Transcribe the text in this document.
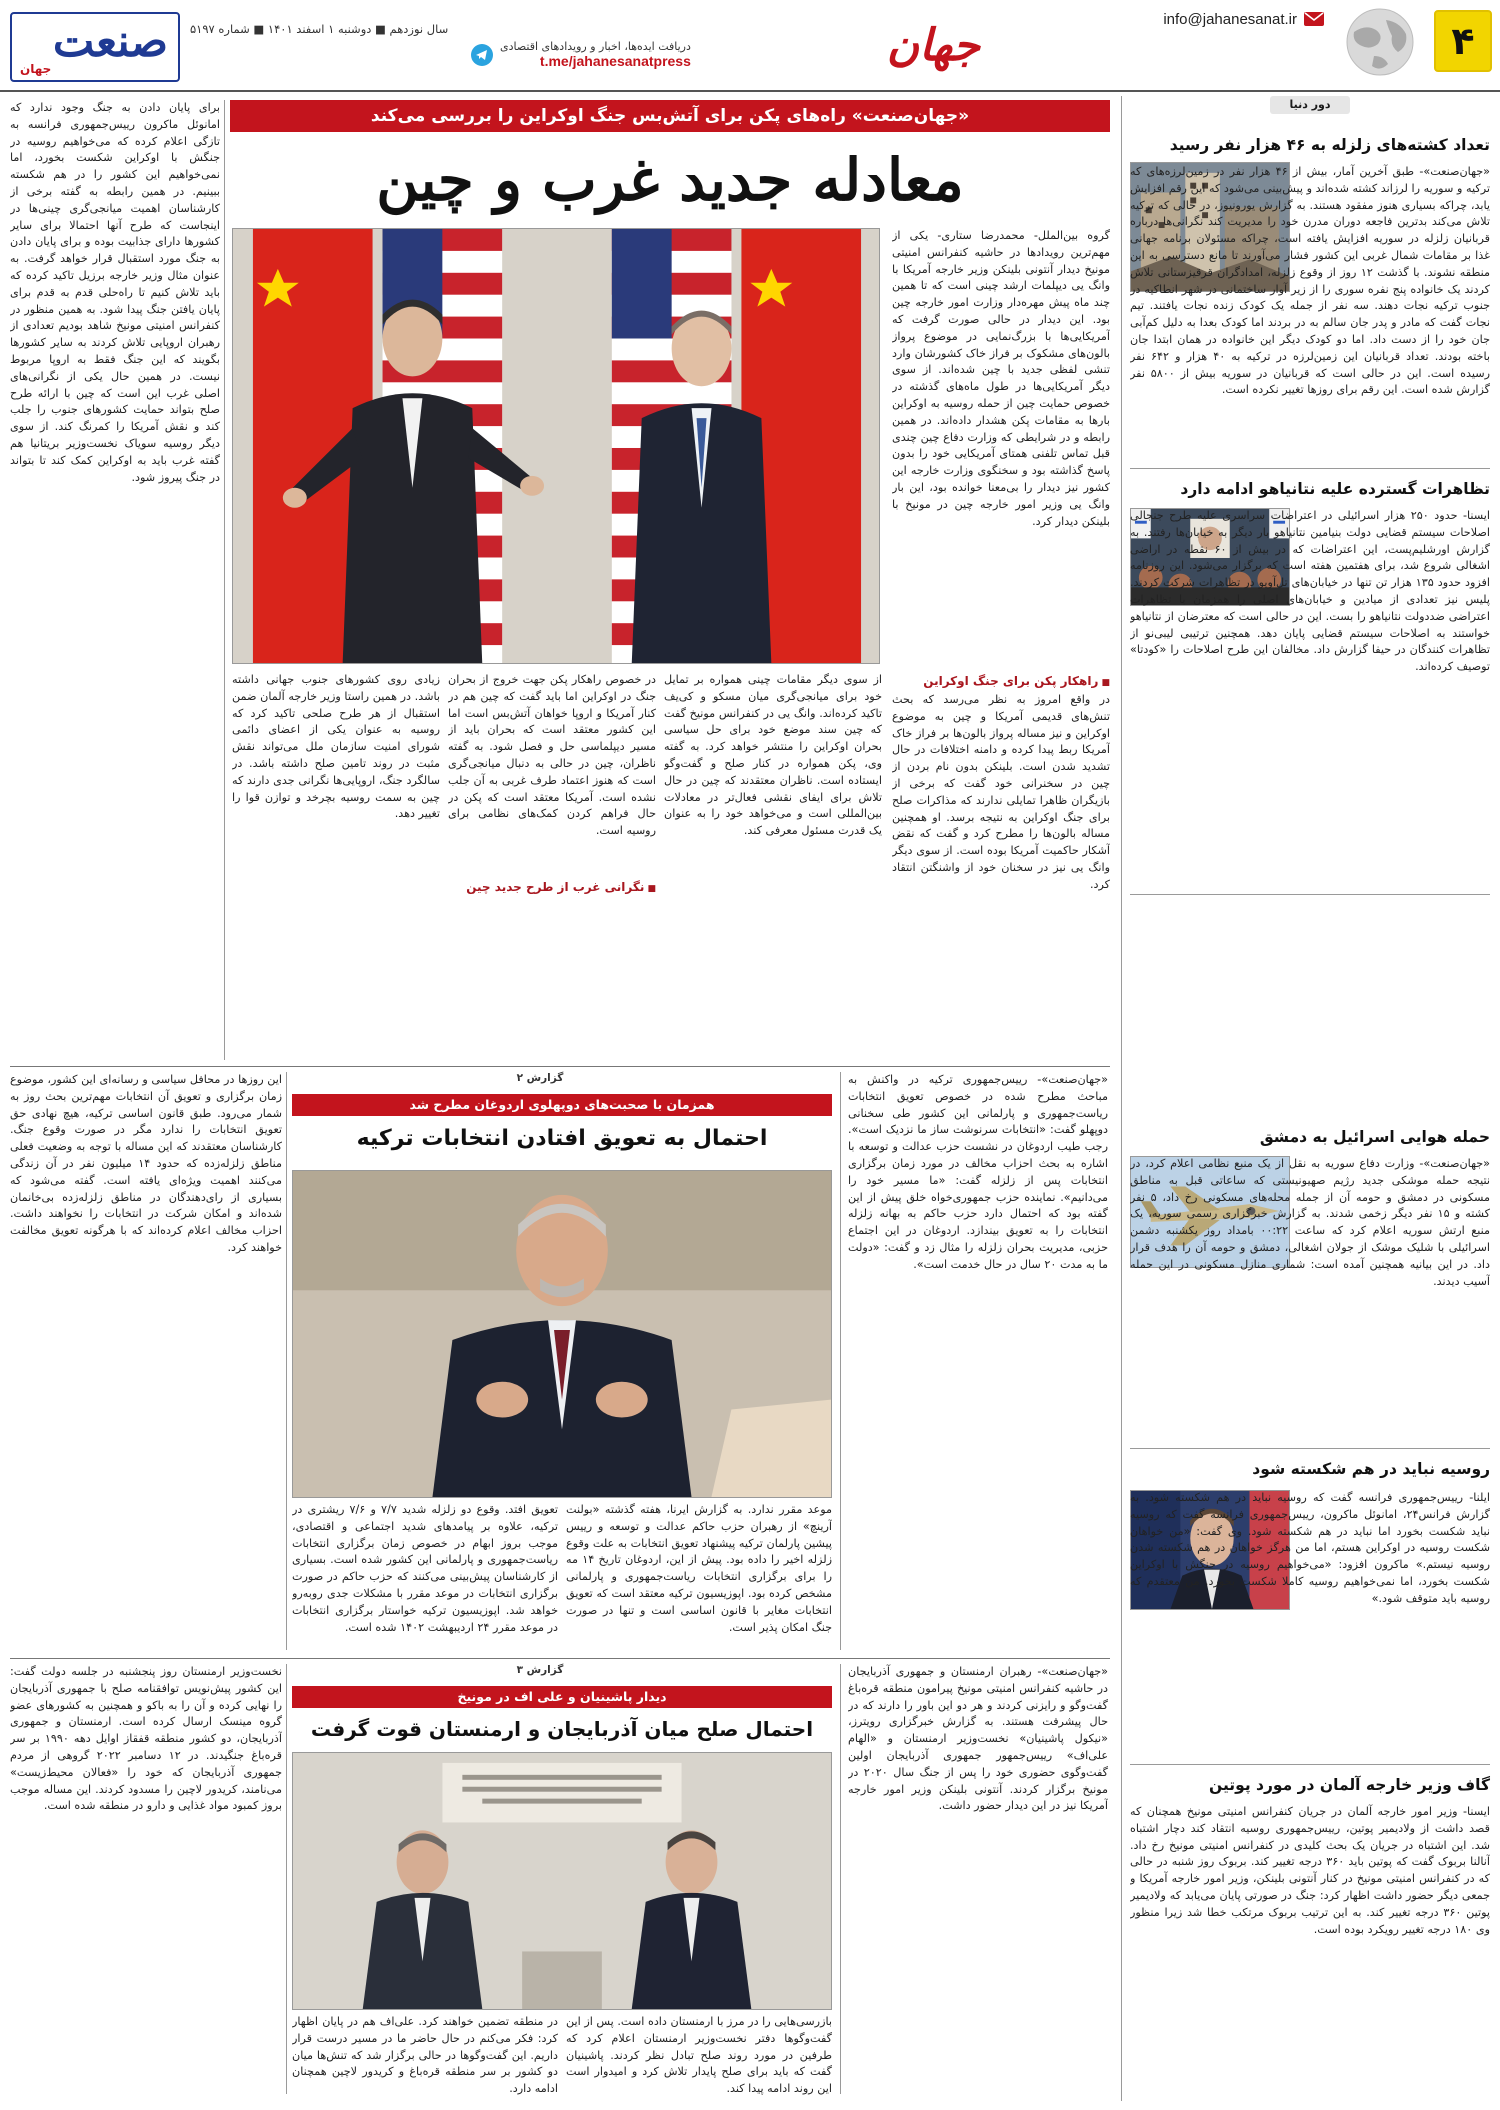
۴
info@jahanesanat.ir
جهان
دریافت ایده‌ها، اخبار و رویدادهای اقتصادی
t.me/jahanesanatpress
سال نوزدهم ■ دوشنبه ۱ اسفند ۱۴۰۱ ■ شماره ۵۱۹۷
صنعت
جهان
دور دنیا
تعداد کشته‌های زلزله به ۴۶ هزار نفر رسید
«جهان‌صنعت»- طبق آخرین آمار، بیش از ۴۶ هزار نفر در زمین‌لرزه‌های که ترکیه و سوریه را لرزاند کشته شده‌اند و پیش‌بینی می‌شود که این رقم افزایش یابد، چراکه بسیاری هنوز مفقود هستند. به گزارش یورونیوز، در حالی که ترکیه تلاش می‌کند بدترین فاجعه دوران مدرن خود را مدیریت کند نگرانی‌ها درباره قربانیان زلزله در سوریه افزایش یافته است، چراکه مسئولان برنامه جهانی غذا بر مقامات شمال غربی این کشور فشار می‌آورند تا مانع دسترسی به این منطقه نشوند. با گذشت ۱۲ روز از وقوع زلزله، امدادگران قرقیزستانی تلاش کردند یک خانواده پنج نفره سوری را از زیر آوار ساختمانی در شهر انطاکیه در جنوب ترکیه نجات دهند. سه نفر از جمله یک کودک زنده نجات یافتند. تیم نجات گفت که مادر و پدر جان سالم به در بردند اما کودک بعدا به دلیل کم‌آبی جان خود را از دست داد. اما دو کودک دیگر این خانواده در همان ابتدا جان باخته بودند. تعداد قربانیان این زمین‌لرزه در ترکیه به ۴۰ هزار و ۶۴۲ نفر رسیده است. این در حالی است که قربانیان در سوریه بیش از ۵۸۰۰ نفر گزارش شده است. این رقم برای روزها تغییر نکرده است.
تظاهرات گسترده علیه نتانیاهو ادامه دارد
ایسنا- حدود ۲۵۰ هزار اسرائیلی در اعتراضات سراسری علیه طرح جنجالی اصلاحات سیستم قضایی دولت بنیامین نتانیاهو بار دیگر به خیابان‌ها رفتند. به گزارش اورشلیم‌پست، این اعتراضات که در بیش از ۶۰ نقطه در اراضی اشغالی شروع شد، برای هفتمین هفته است که برگزار می‌شود. این روزنامه افزود حدود ۱۳۵ هزار تن تنها در خیابان‌های تل‌آویو در تظاهرات شرکت کردند. پلیس نیز تعدادی از میادین و خیابان‌های اصلی را همزمان با تظاهرات اعتراضی ضددولت نتانیاهو را بست. این در حالی است که معترضان از نتانیاهو خواستند به اصلاحات سیستم قضایی پایان دهد. همچنین ترتیبی لیبی‌نو از تظاهرات کنندگان در حیفا گزارش داد. مخالفان این طرح اصلاحات را «کودتا» توصیف کرده‌اند.
حمله هوایی اسرائیل به دمشق
«جهان‌صنعت»- وزارت دفاع سوریه به نقل از یک منبع نظامی اعلام کرد، در نتیجه حمله موشکی جدید رژیم صهیونیستی که ساعاتی قبل به مناطق مسکونی در دمشق و حومه آن از جمله محله‌های مسکونی رخ داد، ۵ نفر کشته و ۱۵ نفر دیگر زخمی شدند. به گزارش خبرگزاری رسمی سوریه، یک منبع ارتش سوریه اعلام کرد که ساعت ۰۰:۲۲ بامداد روز یکشنبه دشمن اسرائیلی با شلیک موشک از جولان اشغالی، دمشق و حومه آن را هدف قرار داد. در این بیانیه همچنین آمده است: شماری منازل مسکونی در این حمله آسیب دیدند.
روسیه نباید در هم شکسته شود
ایلنا- رییس‌جمهوری فرانسه گفت که روسیه نباید در هم شکسته شود. به گزارش فرانس۲۴، امانوئل ماکرون، رییس‌جمهوری فرانسه گفت که روسیه نباید شکست بخورد اما نباید در هم شکسته شود. وی گفت: «من خواهان شکست روسیه در اوکراین هستم، اما من هرگز خواهان در هم شکسته شدن روسیه نیستم.» ماکرون افزود: «می‌خواهیم روسیه در جنگش با اوکراین شکست بخورد، اما نمی‌خواهیم روسیه کاملا شکست بخورد. من معتقدم که روسیه باید متوقف شود.»
گاف وزیر خارجه آلمان در مورد پوتین
ایسنا- وزیر امور خارجه آلمان در جریان کنفرانس امنیتی مونیخ همچنان که قصد داشت از ولادیمیر پوتین، رییس‌جمهوری روسیه انتقاد کند دچار اشتباه شد. این اشتباه در جریان یک بحث کلیدی در کنفرانس امنیتی مونیخ رخ داد. آنالنا بربوک گفت که پوتین باید ۳۶۰ درجه تغییر کند. بربوک روز شنبه در حالی که در کنفرانس امنیتی مونیخ در کنار آنتونی بلینکن، وزیر امور خارجه آمریکا و جمعی دیگر حضور داشت اظهار کرد: جنگ در صورتی پایان می‌یابد که ولادیمیر پوتین ۳۶۰ درجه تغییر کند. به این ترتیب بربوک مرتکب خطا شد زیرا منظور وی ۱۸۰ درجه تغییر رویکرد بوده است.
«جهان‌صنعت» راه‌های پکن برای آتش‌بس جنگ اوکراین را بررسی می‌کند
معادله جدید غرب و چین
گروه بین‌الملل- محمدرضا ستاری- یکی از مهم‌ترین رویدادها در حاشیه کنفرانس امنیتی مونیخ دیدار آنتونی بلینکن وزیر خارجه آمریکا با وانگ یی دیپلمات ارشد چینی است که تا همین چند ماه پیش مهره‌دار وزارت امور خارجه چین بود. این دیدار در حالی صورت گرفت که آمریکایی‌ها با بزرگ‌نمایی در موضوع پرواز بالون‌های مشکوک بر فراز خاک کشورشان وارد تنشی لفظی جدید با چین شده‌اند. از سوی دیگر آمریکایی‌ها در طول ماه‌های گذشته در خصوص حمایت چین از حمله روسیه به اوکراین بارها به مقامات پکن هشدار داده‌اند. در همین رابطه و در شرایطی که وزارت دفاع چین چندی قبل تماس تلفنی همتای آمریکایی خود را بدون پاسخ گذاشته بود و سخنگوی وزارت خارجه این کشور نیز دیدار را بی‌معنا خوانده بود، این بار وانگ یی وزیر امور خارجه چین در مونیخ با بلینکن دیدار کرد.
■ راهکار پکن برای جنگ اوکراین
در واقع امروز به نظر می‌رسد که بحث تنش‌های قدیمی آمریکا و چین به موضوع اوکراین و نیز مساله پرواز بالون‌ها بر فراز خاک آمریکا ربط پیدا کرده و دامنه اختلافات در حال تشدید شدن است. بلینکن بدون نام بردن از چین در سخنرانی خود گفت که برخی از بازیگران ظاهرا تمایلی ندارند که مذاکرات صلح برای جنگ اوکراین به نتیجه برسد. او همچنین مساله بالون‌ها را مطرح کرد و گفت که نقض آشکار حاکمیت آمریکا بوده است. از سوی دیگر وانگ یی نیز در سخنان خود از واشنگتن انتقاد کرد.
از سوی دیگر مقامات چینی همواره بر تمایل خود برای میانجی‌گری میان مسکو و کی‌یف تاکید کرده‌اند. وانگ یی در کنفرانس مونیخ گفت که چین سند موضع خود برای حل سیاسی بحران اوکراین را منتشر خواهد کرد. به گفته وی، پکن همواره در کنار صلح و گفت‌وگو ایستاده است. ناظران معتقدند که چین در حال تلاش برای ایفای نقشی فعال‌تر در معادلات بین‌المللی است و می‌خواهد خود را به عنوان یک قدرت مسئول معرفی کند.
در خصوص راهکار پکن جهت خروج از بحران جنگ در اوکراین اما باید گفت که چین هم در کنار آمریکا و اروپا خواهان آتش‌بس است اما این کشور معتقد است که بحران باید از مسیر دیپلماسی حل و فصل شود. به گفته ناظران، چین در حالی به دنبال میانجی‌گری است که هنوز اعتماد طرف غربی به آن جلب نشده است. آمریکا معتقد است که پکن در حال فراهم کردن کمک‌های نظامی برای روسیه است.
■ نگرانی غرب از طرح جدید چین
زیادی روی کشورهای جنوب جهانی داشته باشد. در همین راستا وزیر خارجه آلمان ضمن استقبال از هر طرح صلحی تاکید کرد که روسیه به عنوان یکی از اعضای دائمی شورای امنیت سازمان ملل می‌تواند نقش مثبت در روند تامین صلح داشته باشد. در سالگرد جنگ، اروپایی‌ها نگرانی جدی دارند که چین به سمت روسیه بچرخد و توازن قوا را تغییر دهد.
برای پایان دادن به جنگ وجود ندارد که امانوئل ماکرون رییس‌جمهوری فرانسه به تازگی اعلام کرده که می‌خواهیم روسیه در جنگش با اوکراین شکست بخورد، اما نمی‌خواهیم این کشور را در هم شکسته ببینیم. در همین رابطه به گفته برخی از کارشناسان اهمیت میانجی‌گری چینی‌ها در اینجاست که طرح آنها احتمالا برای سایر کشورها دارای جذابیت بوده و برای پایان دادن به جنگ مورد استقبال قرار خواهد گرفت. به عنوان مثال وزیر خارجه برزیل تاکید کرده که باید تلاش کنیم تا راه‌حلی قدم به قدم برای پایان یافتن جنگ پیدا شود. به همین منظور در کنفرانس امنیتی مونیخ شاهد بودیم تعدادی از رهبران اروپایی تلاش کردند به سایر کشورها بگویند که این جنگ فقط به اروپا مربوط نیست. در همین حال یکی از نگرانی‌های اصلی غرب این است که چین با ارائه طرح صلح بتواند حمایت کشورهای جنوب را جلب کند و نقش آمریکا را کمرنگ کند. از سوی دیگر روسیه سویاک نخست‌وزیر بریتانیا هم گفته غرب باید به اوکراین کمک کند تا بتواند در جنگ پیروز شود.
گزارش ۲
همزمان با صحبت‌های دوپهلوی اردوغان مطرح شد
احتمال به تعویق افتادن انتخابات ترکیه
«جهان‌صنعت»- رییس‌جمهوری ترکیه در واکنش به مباحث مطرح شده در خصوص تعویق انتخابات ریاست‌جمهوری و پارلمانی این کشور طی سخنانی دوپهلو گفت: «انتخابات سرنوشت ساز ما نزدیک است». رجب طیب اردوغان در نشست حزب عدالت و توسعه با اشاره به بحث احزاب مخالف در مورد زمان برگزاری انتخابات پس از زلزله گفت: «ما مسیر خود را می‌دانیم». نماینده حزب جمهوری‌خواه خلق پیش از این گفته بود که احتمال دارد حزب حاکم به بهانه زلزله انتخابات را به تعویق بیندازد. اردوغان در این اجتماع حزبی، مدیریت بحران زلزله را مثال زد و گفت: «دولت ما به مدت ۲۰ سال در حال خدمت است».
موعد مقرر ندارد. به گزارش ایرنا، هفته گذشته «بولنت آرینچ» از رهبران حزب حاکم عدالت و توسعه و رییس پیشین پارلمان ترکیه پیشنهاد تعویق انتخابات به علت وقوع زلزله اخیر را داده بود. پیش از این، اردوغان تاریخ ۱۴ مه را برای برگزاری انتخابات ریاست‌جمهوری و پارلمانی مشخص کرده بود. اپوزیسیون ترکیه معتقد است که تعویق انتخابات مغایر با قانون اساسی است و تنها در صورت جنگ امکان پذیر است.
تعویق افتد. وقوع دو زلزله شدید ۷/۷ و ۷/۶ ریشتری در ترکیه، علاوه بر پیامدهای شدید اجتماعی و اقتصادی، موجب بروز ابهام در خصوص زمان برگزاری انتخابات ریاست‌جمهوری و پارلمانی این کشور شده است. بسیاری از کارشناسان پیش‌بینی می‌کنند که حزب حاکم در صورت برگزاری انتخابات در موعد مقرر با مشکلات جدی روبه‌رو خواهد شد. اپوزیسیون ترکیه خواستار برگزاری انتخابات در موعد مقرر ۲۴ اردیبهشت ۱۴۰۲ شده است.
این روزها در محافل سیاسی و رسانه‌ای این کشور، موضوع زمان برگزاری و تعویق آن انتخابات مهم‌ترین بحث روز به شمار می‌رود. طبق قانون اساسی ترکیه، هیچ نهادی حق تعویق انتخابات را ندارد مگر در صورت وقوع جنگ. کارشناسان معتقدند که این مساله با توجه به وضعیت فعلی مناطق زلزله‌زده که حدود ۱۴ میلیون نفر در آن زندگی می‌کنند اهمیت ویژه‌ای یافته است. گفته می‌شود که بسیاری از رای‌دهندگان در مناطق زلزله‌زده بی‌خانمان شده‌اند و امکان شرکت در انتخابات را نخواهند داشت. احزاب مخالف اعلام کرده‌اند که با هرگونه تعویق مخالفت خواهند کرد.
گزارش ۳
دیدار پاشینیان و علی اف در مونیخ
احتمال صلح میان آذربایجان و ارمنستان قوت گرفت
«جهان‌صنعت»- رهبران ارمنستان و جمهوری آذربایجان در حاشیه کنفرانس امنیتی مونیخ پیرامون منطقه قره‌باغ گفت‌وگو و رایزنی کردند و هر دو این باور را دارند که در حال پیشرفت هستند. به گزارش خبرگزاری رویترز، «نیکول پاشینیان» نخست‌وزیر ارمنستان و «الهام علی‌اف» رییس‌جمهور جمهوری آذربایجان اولین گفت‌وگوی حضوری خود را پس از جنگ سال ۲۰۲۰ در مونیخ برگزار کردند. آنتونی بلینکن وزیر امور خارجه آمریکا نیز در این دیدار حضور داشت.
بازرسی‌هایی را در مرز با ارمنستان داده است. پس از این گفت‌وگوها دفتر نخست‌وزیر ارمنستان اعلام کرد که طرفین در مورد روند صلح تبادل نظر کردند. پاشینیان گفت که باید برای صلح پایدار تلاش کرد و امیدوار است این روند ادامه پیدا کند.
در منطقه تضمین خواهند کرد. علی‌اف هم در پایان اظهار کرد: فکر می‌کنم در حال حاضر ما در مسیر درست قرار داریم. این گفت‌وگوها در حالی برگزار شد که تنش‌ها میان دو کشور بر سر منطقه قره‌باغ و کریدور لاچین همچنان ادامه دارد.
نخست‌وزیر ارمنستان روز پنجشنبه در جلسه دولت گفت: این کشور پیش‌نویس توافقنامه صلح با جمهوری آذربایجان را نهایی کرده و آن را به باکو و همچنین به کشورهای عضو گروه مینسک ارسال کرده است. ارمنستان و جمهوری آذربایجان، دو کشور منطقه قفقاز اوایل دهه ۱۹۹۰ بر سر قره‌باغ جنگیدند. در ۱۲ دسامبر ۲۰۲۲ گروهی از مردم جمهوری آذربایجان که خود را «فعالان محیط‌زیست» می‌نامند، کریدور لاچین را مسدود کردند. این مساله موجب بروز کمبود مواد غذایی و دارو در منطقه شده است.
